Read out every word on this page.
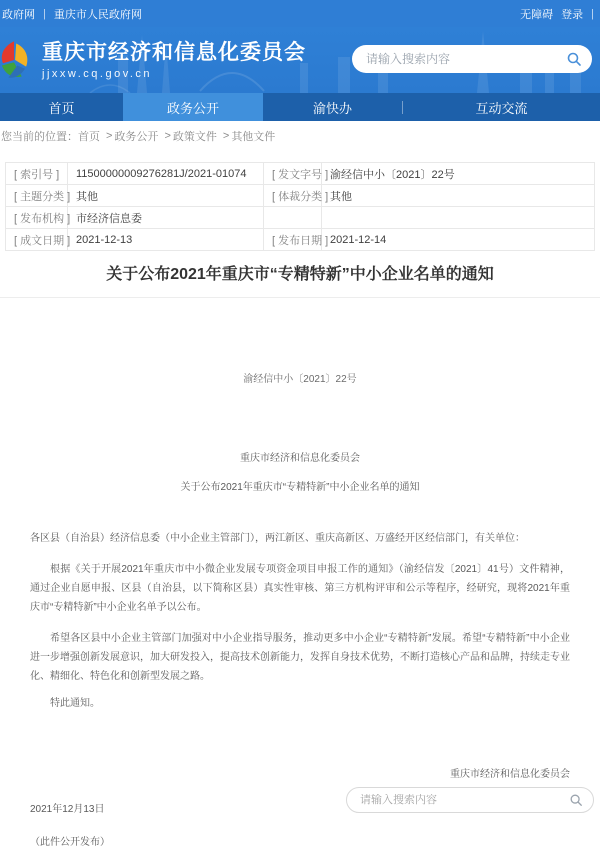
政府网 | 重庆市人民政府网	无障碍 登录 |
重庆市经济和信息化委员会
jjxxw.cq.gov.cn
请输入搜索内容
首页	政务公开	渝快办	互动交流
您当前的位置： 首页 > 政务公开 > 政策文件 > 其他文件
[ 索引号 ]	11500000009276281J/2021-01074	[ 发文字号 ]	渝经信中小〔2021〕22号
[ 主题分类 ]	其他	[ 体裁分类 ]	其他
[ 发布机构 ]	市经济信息委		
[ 成文日期 ]	2021-12-13	[ 发布日期 ]	2021-12-14
关于公布2021年重庆市“专精特新”中小企业名单的通知
渝经信中小〔2021〕22号
重庆市经济和信息化委员会
关于公布2021年重庆市“专精特新”中小企业名单的通知

各区县（自治县）经济信息委（中小企业主管部门），两江新区、重庆高新区、万盛经开区经信部门，有关单位：

根据《关于开展2021年重庆市中小微企业发展专项资金项目申报工作的通知》（渝经信发〔2021〕41号）文件精神，通过企业自愿申报、区县（自治县，以下简称区县）真实性审核、第三方机构评审和公示等程序，经研究，现将2021年重庆市“专精特新”中小企业名单予以公布。

希望各区县中小企业主管部门加强对中小企业指导服务，推动更多中小企业“专精特新”发展。希望“专精特新”中小企业进一步增强创新发展意识，加大研发投入，提高技术创新能力，发挥自身技术优势，不断打造核心产品和品牌，持续走专业化、精细化、特色化和创新型发展之路。

特此通知。

重庆市经济和信息化委员会
2021年12月13日

（此件公开发布）

请输入搜索内容
